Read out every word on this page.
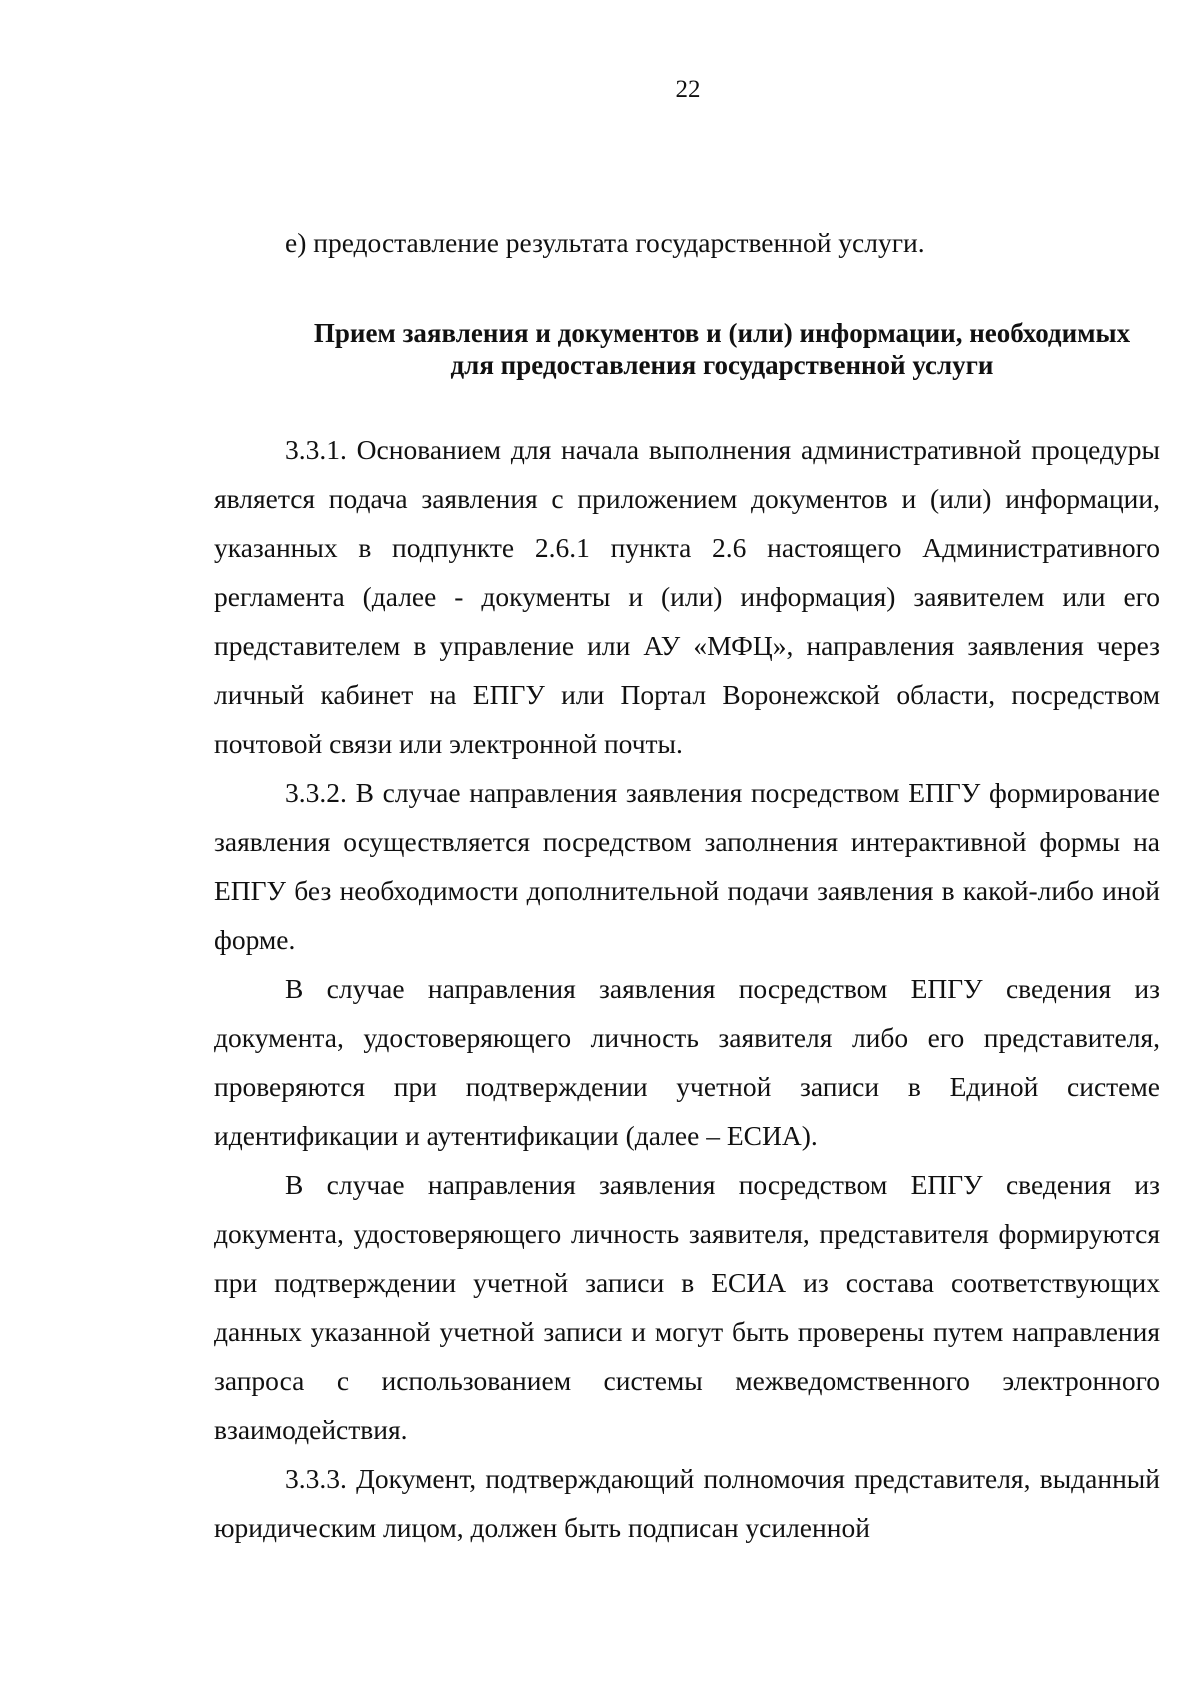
22

е) предоставление результата государственной услуги.

Прием заявления и документов и (или) информации, необходимых
для предоставления государственной услуги

3.3.1. Основанием для начала выполнения административной процедуры является подача заявления с приложением документов и (или) информации, указанных в подпункте 2.6.1 пункта 2.6 настоящего Административного регламента (далее - документы и (или) информация) заявителем или его представителем в управление или АУ «МФЦ», направления заявления через личный кабинет на ЕПГУ или Портал Воронежской области, посредством почтовой связи или электронной почты.

3.3.2. В случае направления заявления посредством ЕПГУ формирование заявления осуществляется посредством заполнения интерактивной формы на ЕПГУ без необходимости дополнительной подачи заявления в какой-либо иной форме.

В случае направления заявления посредством ЕПГУ сведения из документа, удостоверяющего личность заявителя либо его представителя, проверяются при подтверждении учетной записи в Единой системе идентификации и аутентификации (далее – ЕСИА).

В случае направления заявления посредством ЕПГУ сведения из документа, удостоверяющего личность заявителя, представителя формируются при подтверждении учетной записи в ЕСИА из состава соответствующих данных указанной учетной записи и могут быть проверены путем направления запроса с использованием системы межведомственного электронного взаимодействия.

3.3.3. Документ, подтверждающий полномочия представителя, выданный юридическим лицом, должен быть подписан усиленной
